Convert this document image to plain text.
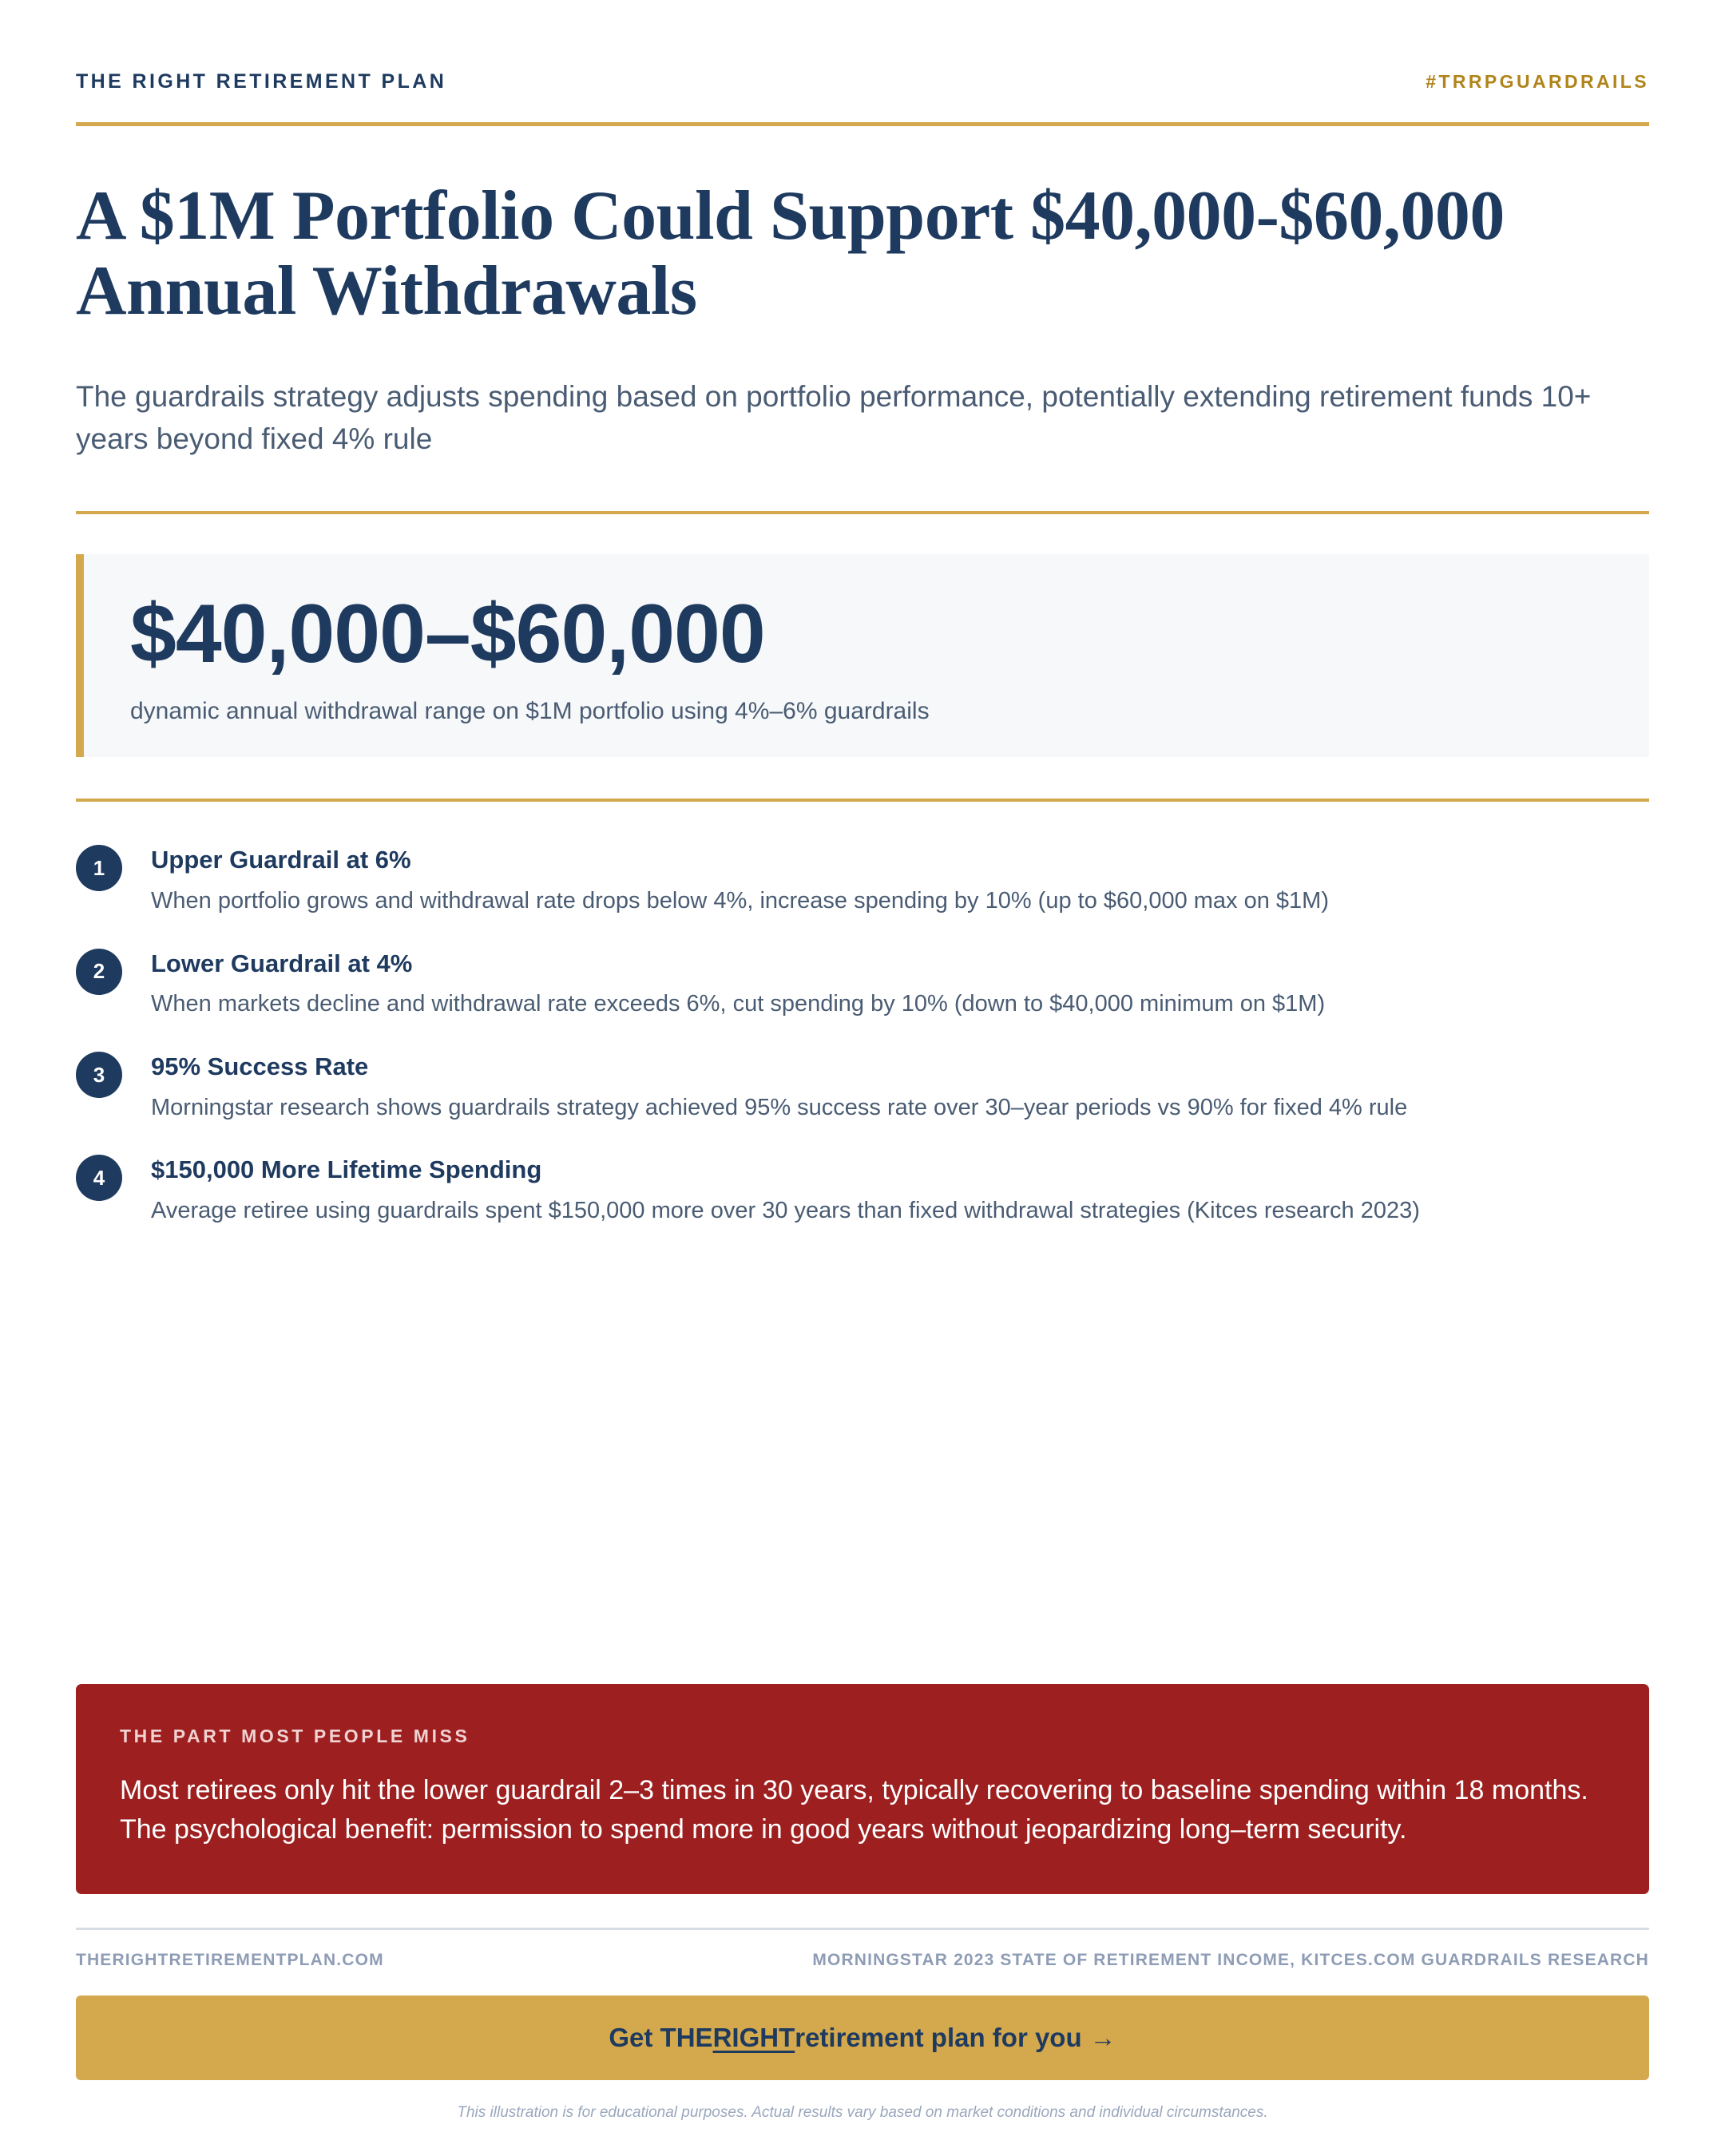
THE RIGHT RETIREMENT PLAN	#TRRPGUARDRAILS
A $1M Portfolio Could Support $40,000-$60,000 Annual Withdrawals

The guardrails strategy adjusts spending based on portfolio performance, potentially extending retirement funds 10+ years beyond fixed 4% rule

$40,000–$60,000
dynamic annual withdrawal range on $1M portfolio using 4%–6% guardrails
1	Upper Guardrail at 6%
When portfolio grows and withdrawal rate drops below 4%, increase spending by 10% (up to $60,000 max on $1M)
2	Lower Guardrail at 4%
When markets decline and withdrawal rate exceeds 6%, cut spending by 10% (down to $40,000 minimum on $1M)
3	95% Success Rate
Morningstar research shows guardrails strategy achieved 95% success rate over 30–year periods vs 90% for fixed 4% rule
4	$150,000 More Lifetime Spending
Average retiree using guardrails spent $150,000 more over 30 years than fixed withdrawal strategies (Kitces research 2023)
THE PART MOST PEOPLE MISS
Most retirees only hit the lower guardrail 2–3 times in 30 years, typically recovering to baseline spending within 18 months. The psychological benefit: permission to spend more in good years without jeopardizing long–term security.
THERIGHTRETIREMENTPLAN.COM	MORNINGSTAR 2023 STATE OF RETIREMENT INCOME, KITCES.COM GUARDRAILS RESEARCH
Get THE RIGHT retirement plan for you →
This illustration is for educational purposes. Actual results vary based on market conditions and individual circumstances.
